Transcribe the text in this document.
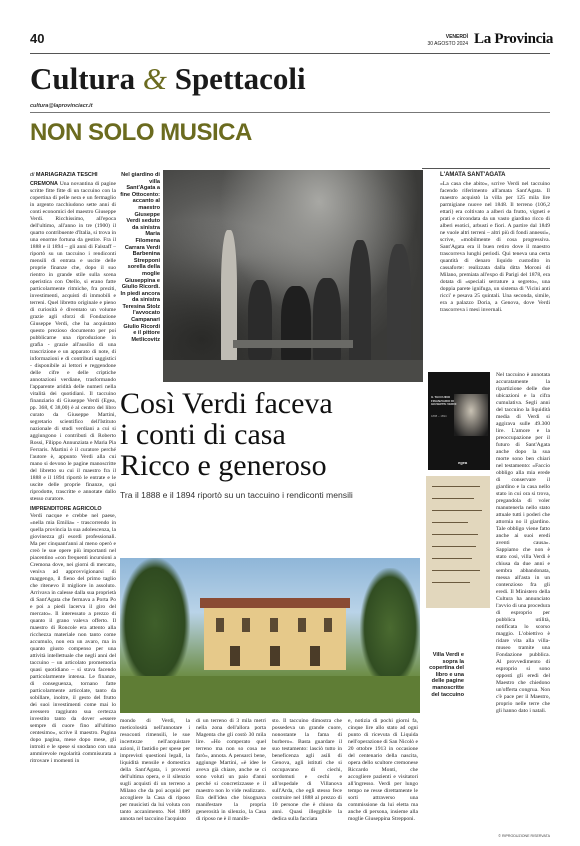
40	VENERDÌ
30 AGOSTO 2024 La Provincia
Cultura & Spettacoli
cultura@laprovinciacr.it
NON SOLO MUSICA
di MARIAGRAZIA TESCHI
CREMONA Una novantina di pagine scritte fitte fitte di un taccuino con la copertina di pelle nera e un fermaglio in argento racchiudono sette anni di conti economici del maestro Giuseppe Verdi. Ricchissimo, all'epoca dell'ultimo, all'anno in tre (1900) il quarto contribuente d'Italia, si trova in una enorme fortuna da gestire. Fra il 1888 e il 1894 – gli anni di Falstaff – riportò su un taccuino i rendiconti mensili di entrata e uscite delle proprie finanze che, dopo il suo rientro in grande stile sulla scena operistica con Otello, si erano fatte particolarmente ritmiche, fra preziti, investimenti, acquisti di immobili e terreni. Quel libretto originale e pieno di curiosità è diventato un volume grazie agli sforzi di Fondazione Giuseppe Verdi, che ha acquistato questo prezioso documento per poi pubblicarne una riproduzione in grafia - grazie all'ausilio di una trascrizione e un apparato di note, di informazioni e di contributi saggistici - disponibile ai lettori e reggendone delle cifre e delle criptiche annotazioni verdiane, trasformando l'apparente aridità delle numeri nella vitalità dei quotidiani. Il taccuino finanziario di Giuseppe Verdi (Egea, pp. 368, € 38,00) è al centro del libro curato da Giuseppe Martini, segretario scientifico dell'Istituto nazionale di studi verdiani a cui si aggiungono i contributi di Roberto Rossi, Filippo Annunziata e Maria Pia Ferraris. Martini è il curatore perché l'autore è, appunto Verdi alla cui mano si devono le pagine manoscritte del libretto su cui il maestro fra il 1888 e il 1894 riportò le entrate e le uscite delle proprie finanze, qui riprodotte, trascritte e annotate dallo stesso curatore.
IMPRENDITORE AGRICOLO
Verdi nacque e crebbe nel paese, «nella mia Emilia» - trascorrendo in quella provincia la sua adolescenza, la giovinezza gli esordi professionali. Ma per cinquant'anni al meno operò e creò le sue opere più importanti nel piacentino «con frequenti incursioni a Cremona dove, nei giorni di mercato, veniva ad approvvigionarsi di maggengo, il fieno del primo taglio che ritenevo il migliore in assoluto. Arrivava in calesse dalla sua proprietà di Sant'Agata che fermava a Porta Po e poi a piedi lacerva il giro del mercato». Il interessato a prezzo di quanto il grano valeva offerto. Il maestro di Roncole era attento alla ricchezza materiale non tanto come accumulo, non era un avaro, ma in quanto giusto compenso per una attività intellettuale che negli anni del taccuino – un articolato promemoria quasi quotidiano – si stava facendo particolarmente intensa. Le finanze, di conseguenza, tornano fatte particolarmente articolate, tanto da sobillare, inoltre, il gesto del frutto dei suoi investimenti come mai lo avessero raggiunto sua certezza investito tanto da dover «essere sempre di cuore fino all'ultimo centesimo», scrive il maestro. Pagina dopo pagina, mese dopo mese, gli introiti e le spese si snodano con una ammirevole regolarità commisurata a ritrovare i momenti in
Nel giardino di villa Sant'Agata a fine Ottocento: accanto al maestro Giuseppe Verdi seduto da sinistra Maria Filomena Carrara Verdi Barbenina Strepponi sorella della moglie Giuseppina e Giulio Ricordi. In piedi ancora da sinistra Teresina Stolz l'avvocato Campanari Giulio Ricordi e il pittore Metlicovitz
Così Verdi faceva
i conti di casa
Ricco e generoso
Tra il 1888 e il 1894 riportò su un taccuino i rendiconti mensili
IL TACCUINO FINANZIARIO DI GIUSEPPE VERDI
1888 – 1894
egea
Villa Verdi e sopra la copertina del libro e una delle pagine manoscritte del taccuino
mondo di Verdi, la meticolosità nell'annotare i resoconti rimensili, le sue incertezze nell'acquistare azioni, il fastidio per spese per imprevisti questioni legali, la liquidità mensile e domestica della Sant'Agata, i proventi dell'ultima opera, e il silenzio sugli acquisti di un terreno a Milano che da poi acquisì per accogliere la Casa di riposo per musicisti da lui voluta con tanto accanimento. Nel 1889 annota nel taccuino l'acquisto
di un terreno di 3 mila metri nella zona dell'allora porta Magenta che gli costò 30 mila lire. «Ho comperato quel terreno ma non so cosa ne farò», annota. A pensarci bene, aggiunge Martini, «è idee le aveva già chiare, anche se ci sono voluti un paio d'anni perché si concretizzasse e il maestro non lo vide realizzato. Era dell'idea che bisognava manifestare la propria generosità in silenzio, la Casa di riposo ne è il manife-
sto. Il taccuino dimostra che possedeva un grande cuore, nonostante la fama di burbero». Basta guardare il suo testamento: lasciò tutto in beneficenza agli asili di Genova, agli istituti che si occupavano di ciechi, sordomuti e cechi e all'ospedale di Villanova sull'Arda, che egli stesso fece costruire nel 1888 al prezzo di 10 persone che è chiuso da anni. Quasi illeggibile la dedica sulla facciata
e, notizia di pochi giorni fa, cinque lire allo stato ad ogni punto di ricevuta di Liquida nell'operazione di San Nicolò e 20 ottobre 1913 in occasione del centenario della nascita, opera dello scultore cremonese Riccardo Monti, che accogliere pazienti e visitatori all'ingresso. Verdi per lungo tempo ne resse direttamente le sorti attraverso una commissione da lui eletta ma anche di persona, insieme alla moglie Giuseppina Strepponi.
L'AMATA SANT'AGATA
«La casa che abito», scrive Verdi nel taccuino facendo riferimento all'amata Sant'Agata. Il maestro acquistò la villa per 125 mila lire parmigiane nuove nel 1848. Il terreno (106,2 ettari) era coltivato a alberi da frutto, vigneti e prati e circondata da un vasto giardino ricco di alberi esotici, arbusti e fiori. A partire dal 1849 ne vuole altri terreni – altri più di fondi annessi», scrive, «mobilmente di cosa progressiva. Sant'Agata era il buen retiro dove il maestro trascorreva lunghi periodi. Qui teneva una certa quantità di denaro liquido custodito in cassaforte: realizzata dalla ditta Moroni di Milano, premiata all'expo di Parigi del 1878, era dotata di «speciali serrature a segreto», una doppia parete ignifuga, un sistema di 'Vicini anti ricci' e pesava 25 quintali. Una seconda, simile, era a palazzo Doria, a Genova, dove Verdi trascorreva i mesi invernali.
Nel taccuino è annotata accuratamente la ripartizione delle due ubicazioni e la cifra cumulativa. Segli anni del taccuino la liquidità media di Verdi si aggirava sulle 49.300 lire. L'amore e la preoccupazione per il futuro di Sant'Agata anche dopo la sua morte sono ben chiari nel testamento: «Faccio obbligo alla mia erede di conservare il giardino e la casa nello stato in cui ora si trova, pregandola di voler manutenerla nello stato attuale tutti i poderi che attornia no il giardino. Tale obbligo viene fatto anche ai suoi eredi aventi causa». Sappiamo che non è stato così, villa Verdi è chiusa da due anni e sembra abbandonata, messa all'asta in un contenzioso fra gli eredi. Il Ministero della Cultura ha annunciato l'avvio di una procedura di esproprio per pubblica utilità, notificata lo scorso maggio. L'obiettivo è ridare vita alla villa-museo tramite una Fondazione pubblica. Al provvedimento di esproprio si sono opposti gli eredi del Maestro che chiedono un'offerta congrua. Non c'è pace per il Maestro, proprio nelle terre che gli hanno dato i natali.
© RIPRODUZIONE RISERVATA
